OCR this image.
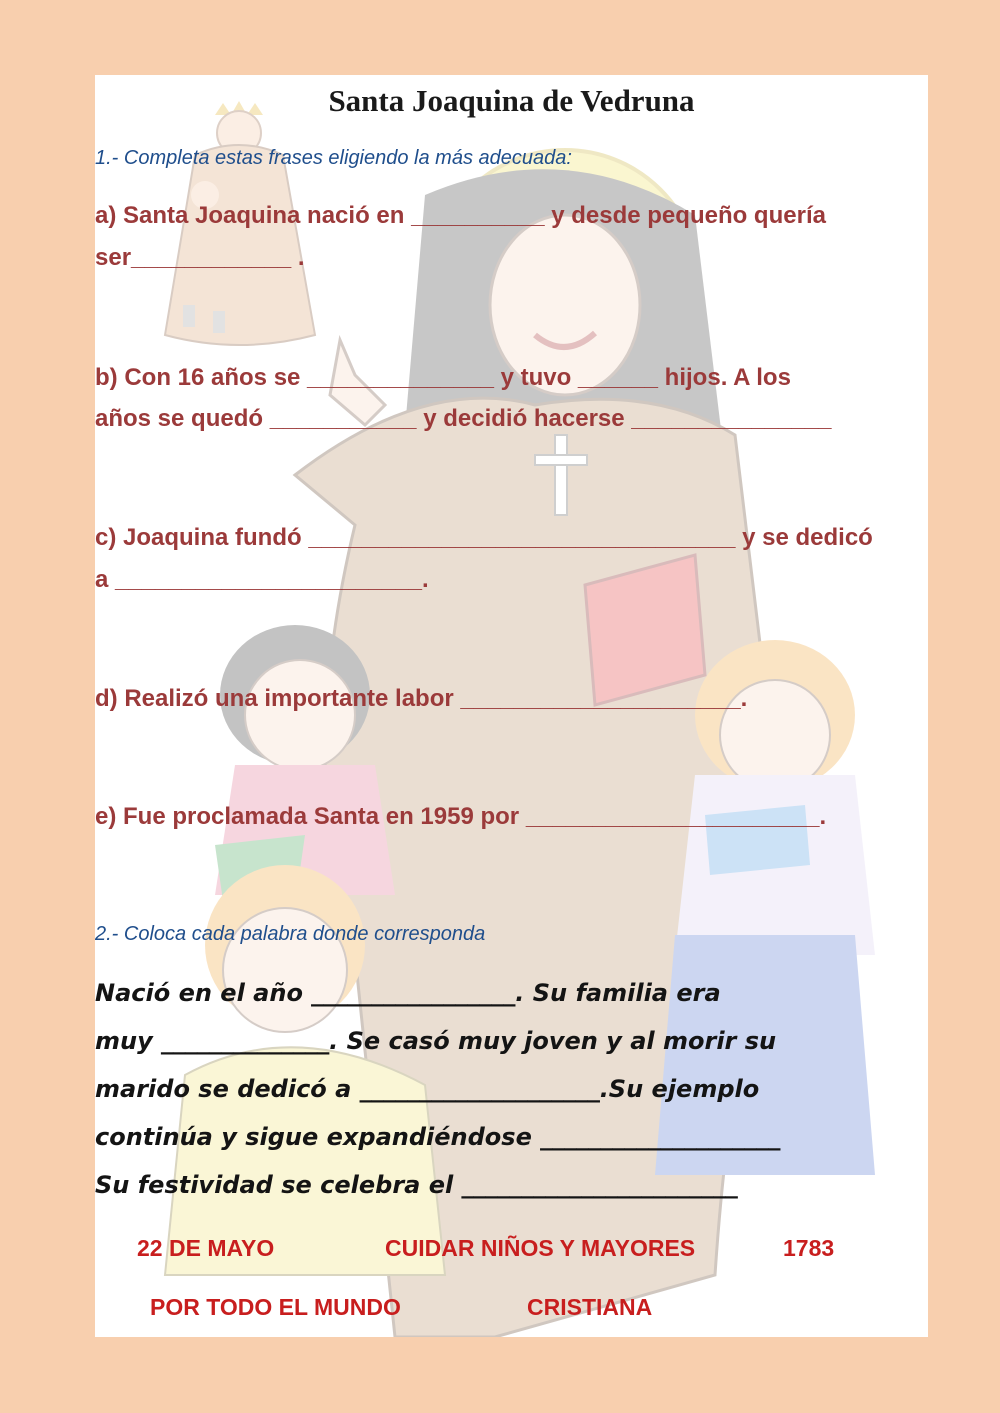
Santa Joaquina de Vedruna
1.- Completa estas frases eligiendo la más adecuada:
a) Santa Joaquina nació en __________ y desde pequeño quería
ser____________ .
b) Con 16 años se ______________ y tuvo ______ hijos. A los
años se quedó ___________ y decidió hacerse _______________
c) Joaquina fundó ________________________________ y se dedicó
a _______________________.
d) Realizó una importante labor _____________________.
e) Fue proclamada Santa en 1959 por ______________________.
2.- Coloca cada palabra donde corresponda
Nació en el año _________________. Su familia era
muy ______________. Se casó muy joven y al morir su
marido se dedicó a ____________________.Su ejemplo
continúa y sigue expandiéndose ____________________
Su festividad se celebra el _______________________
22 DE MAYO	CUIDAR NIÑOS Y MAYORES	1783
POR TODO EL MUNDO	CRISTIANA
